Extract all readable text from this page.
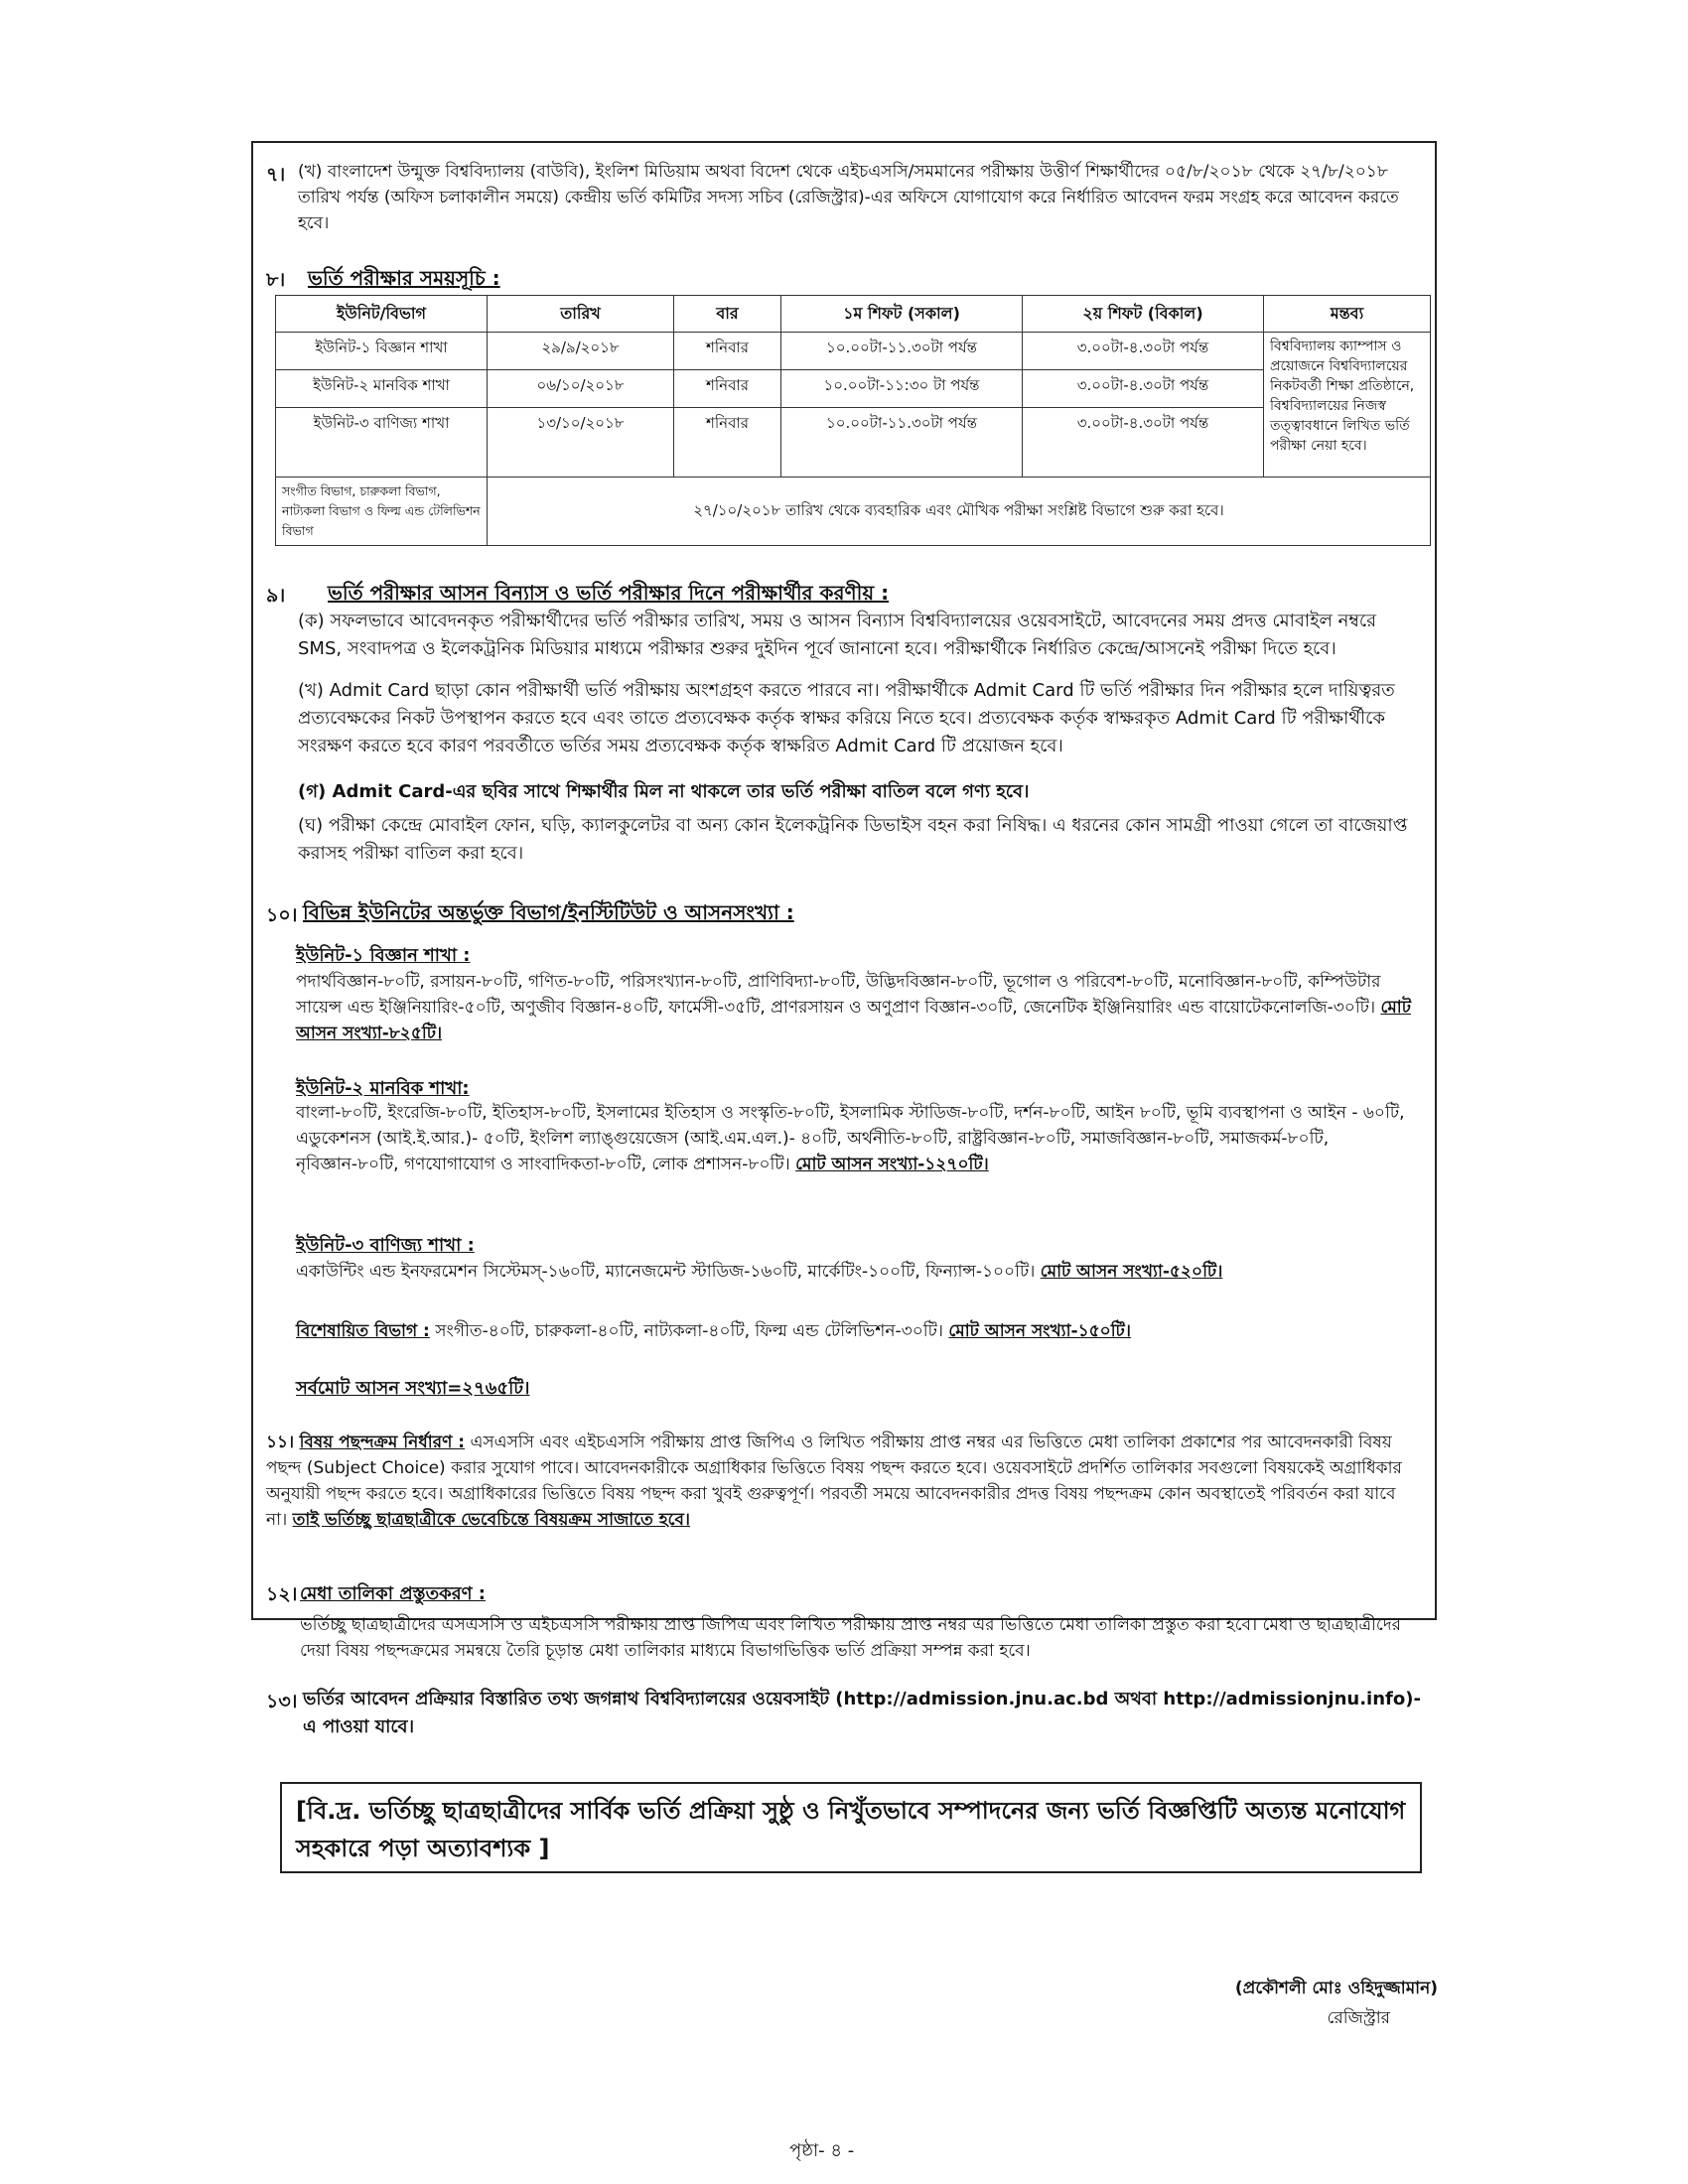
৭। (খ) বাংলাদেশ উন্মুক্ত বিশ্ববিদ্যালয় (বাউবি), ইংলিশ মিডিয়াম অথবা বিদেশ থেকে এইচএসসি/সমমানের পরীক্ষায় উত্তীর্ণ শিক্ষার্থীদের ০৫/৮/২০১৮ থেকে ২৭/৮/২০১৮ তারিখ পর্যন্ত (অফিস চলাকালীন সময়ে) কেন্দ্রীয় ভর্তি কমিটির সদস্য সচিব (রেজিস্ট্রার)-এর অফিসে যোগাযোগ করে নির্ধারিত আবেদন ফরম সংগ্রহ করে আবেদন করতে হবে।

৮। ভর্তি পরীক্ষার সময়সূচি :
ইউনিট/বিভাগ	তারিখ	বার	১ম শিফট (সকাল)	২য় শিফট (বিকাল)	মন্তব্য
ইউনিট-১ বিজ্ঞান শাখা	২৯/৯/২০১৮	শনিবার	১০.০০টা-১১.৩০টা পর্যন্ত	৩.০০টা-৪.৩০টা পর্যন্ত	বিশ্ববিদ্যালয় ক্যাম্পাস ও প্রয়োজনে বিশ্ববিদ্যালয়ের নিকটবর্তী শিক্ষা প্রতিষ্ঠানে, বিশ্ববিদ্যালয়ের নিজস্ব তত্ত্বাবধানে লিখিত ভর্তি পরীক্ষা নেয়া হবে।
ইউনিট-২ মানবিক শাখা	০৬/১০/২০১৮	শনিবার	১০.০০টা-১১:৩০ টা পর্যন্ত	৩.০০টা-৪.৩০টা পর্যন্ত	
ইউনিট-৩ বাণিজ্য শাখা	১৩/১০/২০১৮	শনিবার	১০.০০টা-১১.৩০টা পর্যন্ত	৩.০০টা-৪.৩০টা পর্যন্ত	
সংগীত বিভাগ, চারুকলা বিভাগ, নাট্যকলা বিভাগ ও ফিল্ম এন্ড টেলিভিশন বিভাগ	২৭/১০/২০১৮ তারিখ থেকে ব্যবহারিক এবং মৌখিক পরীক্ষা সংশ্লিষ্ট বিভাগে শুরু করা হবে।				
৯। ভর্তি পরীক্ষার আসন বিন্যাস ও ভর্তি পরীক্ষার দিনে পরীক্ষার্থীর করণীয় :

(ক) সফলভাবে আবেদনকৃত পরীক্ষার্থীদের ভর্তি পরীক্ষার তারিখ, সময় ও আসন বিন্যাস বিশ্ববিদ্যালয়ের ওয়েবসাইটে, আবেদনের সময় প্রদত্ত মোবাইল নম্বরে SMS, সংবাদপত্র ও ইলেকট্রনিক মিডিয়ার মাধ্যমে পরীক্ষার শুরুর দুইদিন পূর্বে জানানো হবে। পরীক্ষার্থীকে নির্ধারিত কেন্দ্রে/আসনেই পরীক্ষা দিতে হবে।

(খ) Admit Card ছাড়া কোন পরীক্ষার্থী ভর্তি পরীক্ষায় অংশগ্রহণ করতে পারবে না। পরীক্ষার্থীকে Admit Card টি ভর্তি পরীক্ষার দিন পরীক্ষার হলে দায়িত্বরত প্রত্যবেক্ষকের নিকট উপস্থাপন করতে হবে এবং তাতে প্রত্যবেক্ষক কর্তৃক স্বাক্ষর করিয়ে নিতে হবে। প্রত্যবেক্ষক কর্তৃক স্বাক্ষরকৃত Admit Card টি পরীক্ষার্থীকে সংরক্ষণ করতে হবে কারণ পরবর্তীতে ভর্তির সময় প্রত্যবেক্ষক কর্তৃক স্বাক্ষরিত Admit Card টি প্রয়োজন হবে।

(গ) Admit Card-এর ছবির সাথে শিক্ষার্থীর মিল না থাকলে তার ভর্তি পরীক্ষা বাতিল বলে গণ্য হবে।

(ঘ) পরীক্ষা কেন্দ্রে মোবাইল ফোন, ঘড়ি, ক্যালকুলেটর বা অন্য কোন ইলেকট্রনিক ডিভাইস বহন করা নিষিদ্ধ। এ ধরনের কোন সামগ্রী পাওয়া গেলে তা বাজেয়াপ্ত করাসহ পরীক্ষা বাতিল করা হবে।

১০। বিভিন্ন ইউনিটের অন্তর্ভুক্ত বিভাগ/ইনস্টিটিউট ও আসনসংখ্যা :
ইউনিট-১ বিজ্ঞান শাখা :

পদার্থবিজ্ঞান-৮০টি, রসায়ন-৮০টি, গণিত-৮০টি, পরিসংখ্যান-৮০টি, প্রাণিবিদ্যা-৮০টি, উদ্ভিদবিজ্ঞান-৮০টি, ভূগোল ও পরিবেশ-৮০টি, মনোবিজ্ঞান-৮০টি, কম্পিউটার সায়েন্স এন্ড ইঞ্জিনিয়ারিং-৫০টি, অণুজীব বিজ্ঞান-৪০টি, ফার্মেসী-৩৫টি, প্রাণরসায়ন ও অণুপ্রাণ বিজ্ঞান-৩০টি, জেনেটিক ইঞ্জিনিয়ারিং এন্ড বায়োটেকনোলজি-৩০টি। মোট আসন সংখ্যা-৮২৫টি।

ইউনিট-২ মানবিক শাখা:

বাংলা-৮০টি, ইংরেজি-৮০টি, ইতিহাস-৮০টি, ইসলামের ইতিহাস ও সংস্কৃতি-৮০টি, ইসলামিক স্টাডিজ-৮০টি, দর্শন-৮০টি, আইন ৮০টি, ভূমি ব্যবস্থাপনা ও আইন - ৬০টি, এডুকেশনস (আই.ই.আর.)- ৫০টি, ইংলিশ ল্যাঙ্গুয়েজেস (আই.এম.এল.)- ৪০টি, অর্থনীতি-৮০টি, রাষ্ট্রবিজ্ঞান-৮০টি, সমাজবিজ্ঞান-৮০টি, সমাজকর্ম-৮০টি, নৃবিজ্ঞান-৮০টি, গণযোগাযোগ ও সাংবাদিকতা-৮০টি, লোক প্রশাসন-৮০টি। মোট আসন সংখ্যা-১২৭০টি।

ইউনিট-৩ বাণিজ্য শাখা :

একাউন্টিং এন্ড ইনফরমেশন সিস্টেমস্-১৬০টি, ম্যানেজমেন্ট স্টাডিজ-১৬০টি, মার্কেটিং-১০০টি, ফিন্যান্স-১০০টি। মোট আসন সংখ্যা-৫২০টি।

বিশেষায়িত বিভাগ : সংগীত-৪০টি, চারুকলা-৪০টি, নাট্যকলা-৪০টি, ফিল্ম এন্ড টেলিভিশন-৩০টি। মোট আসন সংখ্যা-১৫০টি।

সর্বমোট আসন সংখ্যা=২৭৬৫টি।

১১। বিষয় পছন্দক্রম নির্ধারণ : এসএসসি এবং এইচএসসি পরীক্ষায় প্রাপ্ত জিপিএ ও লিখিত পরীক্ষায় প্রাপ্ত নম্বর এর ভিত্তিতে মেধা তালিকা প্রকাশের পর আবেদনকারী বিষয় পছন্দ (Subject Choice) করার সুযোগ পাবে। আবেদনকারীকে অগ্রাধিকার ভিত্তিতে বিষয় পছন্দ করতে হবে। ওয়েবসাইটে প্রদর্শিত তালিকার সবগুলো বিষয়কেই অগ্রাধিকার অনুযায়ী পছন্দ করতে হবে। অগ্রাধিকারের ভিত্তিতে বিষয় পছন্দ করা খুবই গুরুত্বপূর্ণ। পরবর্তী সময়ে আবেদনকারীর প্রদত্ত বিষয় পছন্দক্রম কোন অবস্থাতেই পরিবর্তন করা যাবে না। তাই ভর্তিচ্ছু ছাত্রছাত্রীকে ভেবেচিন্তে বিষয়ক্রম সাজাতে হবে।

১২। মেধা তালিকা প্রস্তুতকরণ :

ভর্তিচ্ছু ছাত্রছাত্রীদের এসএসসি ও এইচএসসি পরীক্ষায় প্রাপ্ত জিপিএ এবং লিখিত পরীক্ষায় প্রাপ্ত নম্বর এর ভিত্তিতে মেধা তালিকা প্রস্তুত করা হবে। মেধা ও ছাত্রছাত্রীদের দেয়া বিষয় পছন্দক্রমের সমন্বয়ে তৈরি চূড়ান্ত মেধা তালিকার মাধ্যমে বিভাগভিত্তিক ভর্তি প্রক্রিয়া সম্পন্ন করা হবে।

১৩। ভর্তির আবেদন প্রক্রিয়ার বিস্তারিত তথ্য জগন্নাথ বিশ্ববিদ্যালয়ের ওয়েবসাইট (http://admission.jnu.ac.bd অথবা http://admissionjnu.info)-এ পাওয়া যাবে।

[বি.দ্র. ভর্তিচ্ছু ছাত্রছাত্রীদের সার্বিক ভর্তি প্রক্রিয়া সুষ্ঠু ও নিখুঁতভাবে সম্পাদনের জন্য ভর্তি বিজ্ঞপ্তিটি অত্যন্ত মনোযোগ সহকারে পড়া অত্যাবশ্যক ]
(প্রকৌশলী মোঃ ওহিদুজ্জামান)
রেজিস্ট্রার
পৃষ্ঠা- ৪ -
